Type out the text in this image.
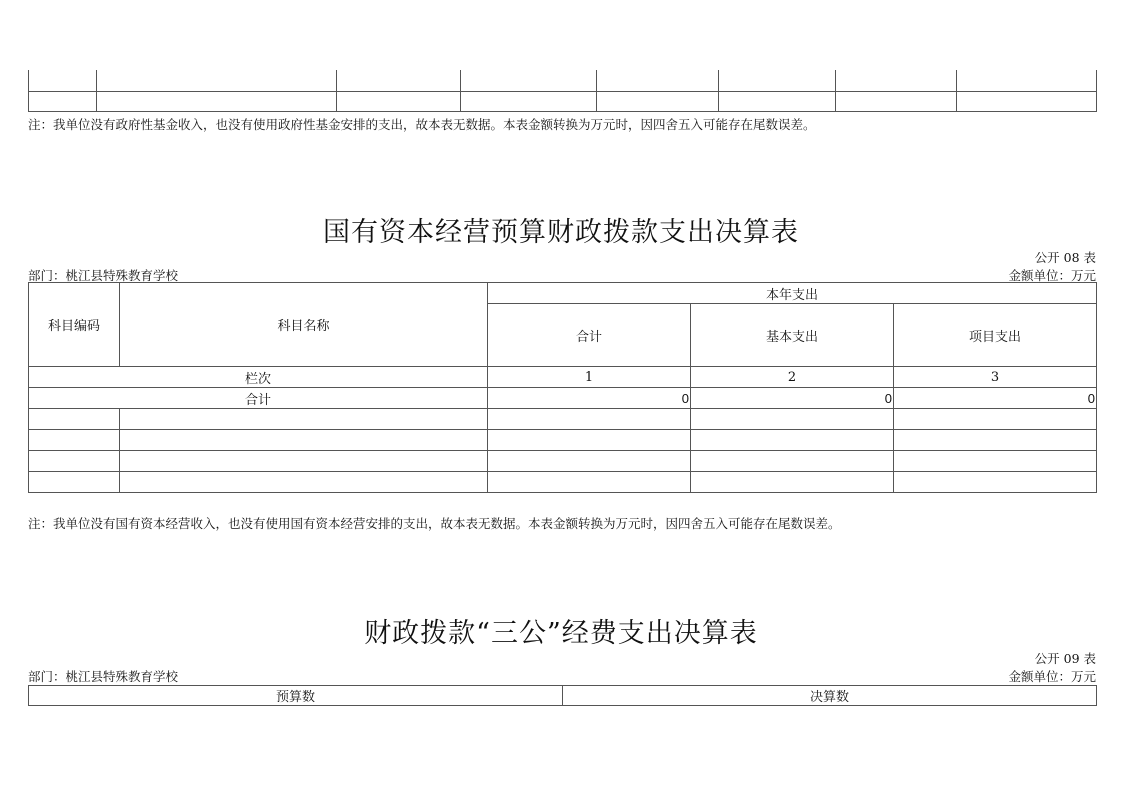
注：我单位没有政府性基金收入，也没有使用政府性基金安排的支出，故本表无数据。本表金额转换为万元时，因四舍五入可能存在尾数误差。
国有资本经营预算财政拨款支出决算表
公开 08 表
部门：桃江县特殊教育学校	金额单位：万元
科目编码	科目名称	本年支出		
		合计	基本支出	项目支出
栏次		1	2	3
合计		0	0	0

注：我单位没有国有资本经营收入，也没有使用国有资本经营安排的支出，故本表无数据。本表金额转换为万元时，因四舍五入可能存在尾数误差。
财政拨款“三公”经费支出决算表
公开 09 表
部门：桃江县特殊教育学校	金额单位：万元
预算数	决算数
